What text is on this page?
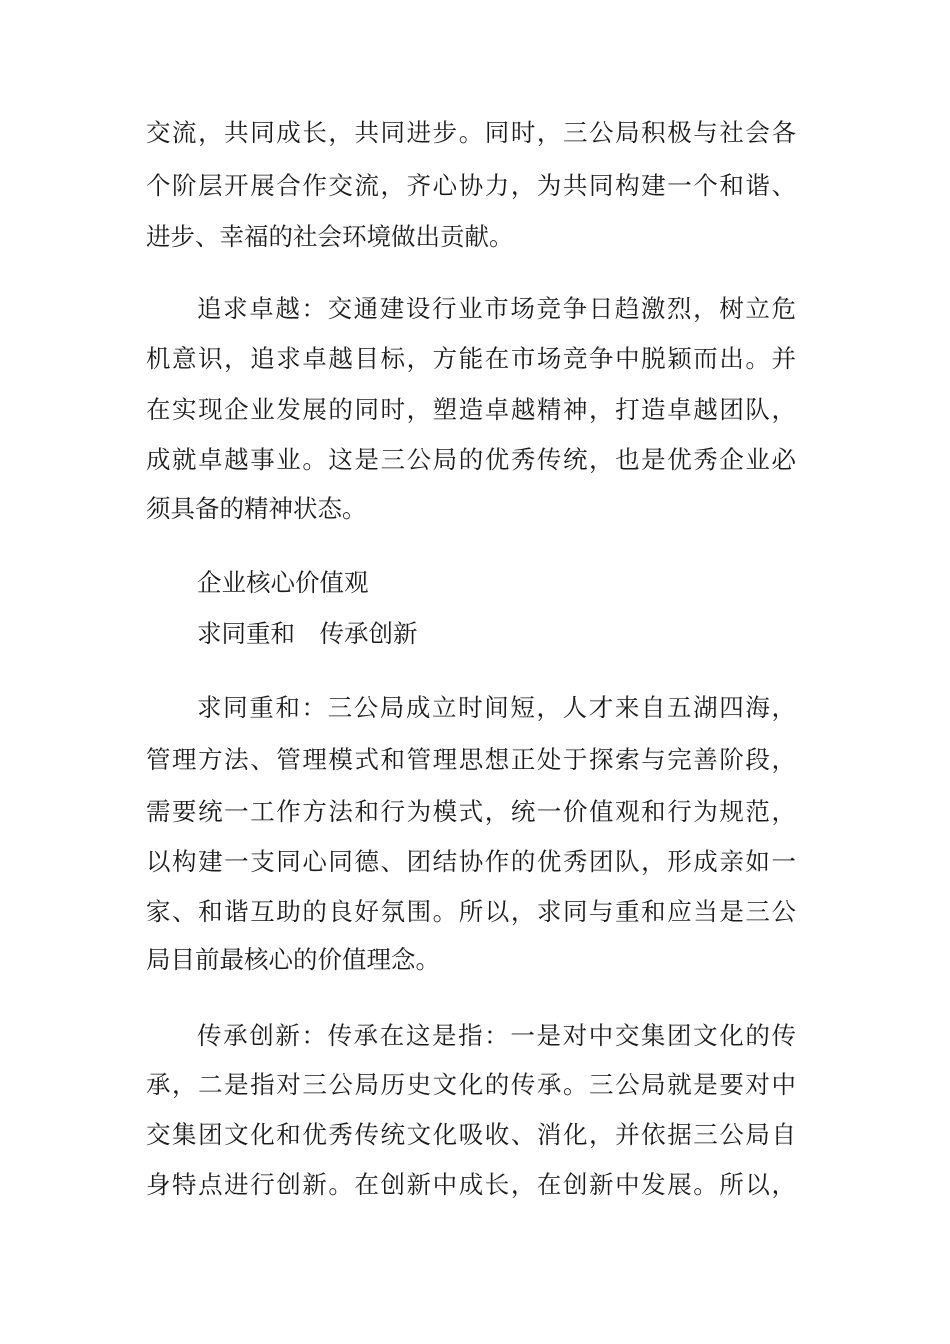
交流，共同成长，共同进步。同时，三公局积极与社会各
个阶层开展合作交流，齐心协力，为共同构建一个和谐、
进步、幸福的社会环境做出贡献。
追求卓越：交通建设行业市场竞争日趋激烈，树立危
机意识，追求卓越目标，方能在市场竞争中脱颖而出。并
在实现企业发展的同时，塑造卓越精神，打造卓越团队，
成就卓越事业。这是三公局的优秀传统，也是优秀企业必
须具备的精神状态。
企业核心价值观
求同重和　传承创新
求同重和：三公局成立时间短，人才来自五湖四海，
管理方法、管理模式和管理思想正处于探索与完善阶段，
需要统一工作方法和行为模式，统一价值观和行为规范，
以构建一支同心同德、团结协作的优秀团队，形成亲如一
家、和谐互助的良好氛围。所以，求同与重和应当是三公
局目前最核心的价值理念。
传承创新：传承在这是指：一是对中交集团文化的传
承，二是指对三公局历史文化的传承。三公局就是要对中
交集团文化和优秀传统文化吸收、消化，并依据三公局自
身特点进行创新。在创新中成长，在创新中发展。所以，
